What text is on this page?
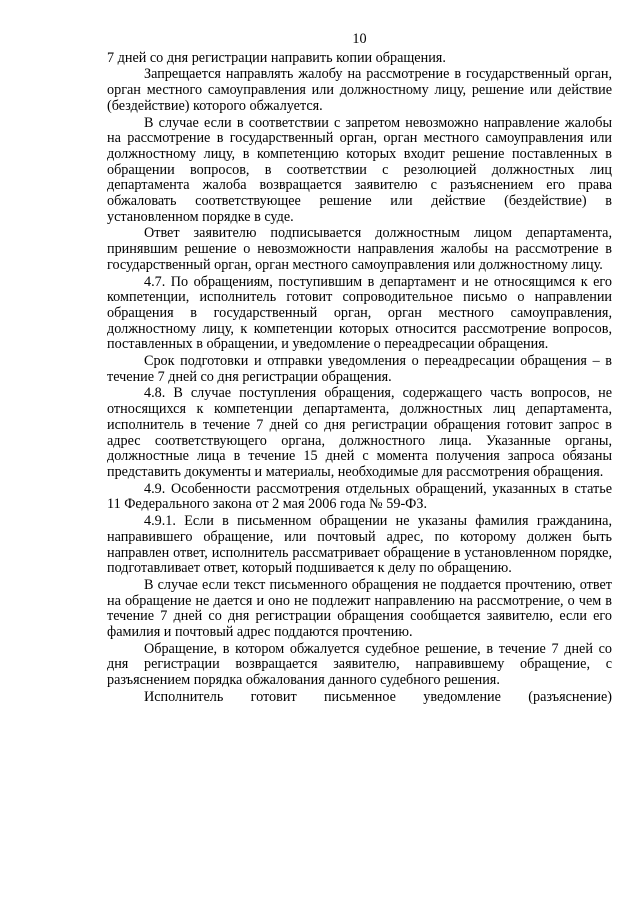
10

7 дней со дня регистрации направить копии обращения.

Запрещается направлять жалобу на рассмотрение в государственный орган, орган местного самоуправления или должностному лицу, решение или действие (бездействие) которого обжалуется.

В случае если в соответствии с запретом невозможно направление жалобы на рассмотрение в государственный орган, орган местного самоуправления или должностному лицу, в компетенцию которых входит решение поставленных в обращении вопросов, в соответствии с резолюцией должностных лиц департамента жалоба возвращается заявителю с разъяснением его права обжаловать соответствующее решение или действие (бездействие) в установленном порядке в суде.

Ответ заявителю подписывается должностным лицом департамента, принявшим решение о невозможности направления жалобы на рассмотрение в государственный орган, орган местного самоуправления или должностному лицу.

4.7. По обращениям, поступившим в департамент и не относящимся к его компетенции, исполнитель готовит сопроводительное письмо о направлении обращения в государственный орган, орган местного самоуправления, должностному лицу, к компетенции которых относится рассмотрение вопросов, поставленных в обращении, и уведомление о переадресации обращения.

Срок подготовки и отправки уведомления о переадресации обращения – в течение 7 дней со дня регистрации обращения.

4.8. В случае поступления обращения, содержащего часть вопросов, не относящихся к компетенции департамента, должностных лиц департамента, исполнитель в течение 7 дней со дня регистрации обращения готовит запрос в адрес соответствующего органа, должностного лица. Указанные органы, должностные лица в течение 15 дней с момента получения запроса обязаны представить документы и материалы, необходимые для рассмотрения обращения.

4.9. Особенности рассмотрения отдельных обращений, указанных в статье 11 Федерального закона от 2 мая 2006 года № 59-ФЗ.

4.9.1. Если в письменном обращении не указаны фамилия гражданина, направившего обращение, или почтовый адрес, по которому должен быть направлен ответ, исполнитель рассматривает обращение в установленном порядке, подготавливает ответ, который подшивается к делу по обращению.

В случае если текст письменного обращения не поддается прочтению, ответ на обращение не дается и оно не подлежит направлению на рассмотрение, о чем в течение 7 дней со дня регистрации обращения сообщается заявителю, если его фамилия и почтовый адрес поддаются прочтению.

Обращение, в котором обжалуется судебное решение, в течение 7 дней со дня регистрации возвращается заявителю, направившему обращение, с разъяснением порядка обжалования данного судебного решения.

Исполнитель готовит письменное уведомление (разъяснение)
